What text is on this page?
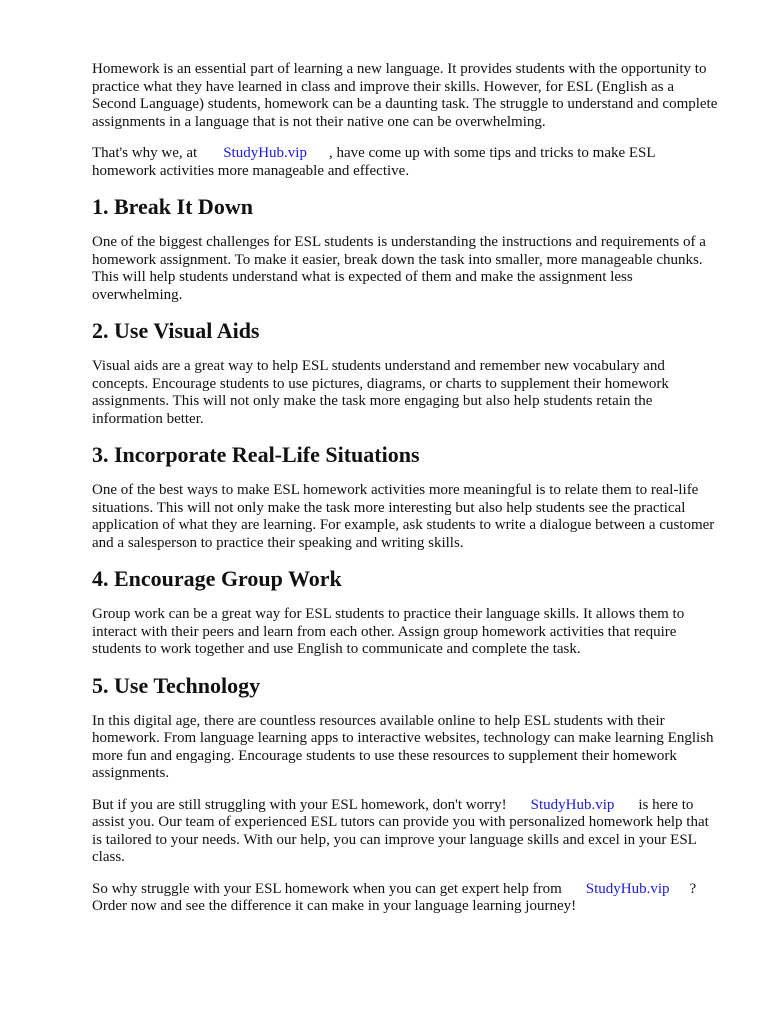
Homework is an essential part of learning a new language. It provides students with the opportunity to practice what they have learned in class and improve their skills. However, for ESL (English as a Second Language) students, homework can be a daunting task. The struggle to understand and complete assignments in a language that is not their native one can be overwhelming.

That's why we, at StudyHub.vip , have come up with some tips and tricks to make ESL homework activities more manageable and effective.

1. Break It Down

One of the biggest challenges for ESL students is understanding the instructions and requirements of a homework assignment. To make it easier, break down the task into smaller, more manageable chunks. This will help students understand what is expected of them and make the assignment less overwhelming.

2. Use Visual Aids

Visual aids are a great way to help ESL students understand and remember new vocabulary and concepts. Encourage students to use pictures, diagrams, or charts to supplement their homework assignments. This will not only make the task more engaging but also help students retain the information better.

3. Incorporate Real-Life Situations

One of the best ways to make ESL homework activities more meaningful is to relate them to real-life situations. This will not only make the task more interesting but also help students see the practical application of what they are learning. For example, ask students to write a dialogue between a customer and a salesperson to practice their speaking and writing skills.

4. Encourage Group Work

Group work can be a great way for ESL students to practice their language skills. It allows them to interact with their peers and learn from each other. Assign group homework activities that require students to work together and use English to communicate and complete the task.

5. Use Technology

In this digital age, there are countless resources available online to help ESL students with their homework. From language learning apps to interactive websites, technology can make learning English more fun and engaging. Encourage students to use these resources to supplement their homework assignments.

But if you are still struggling with your ESL homework, don't worry! StudyHub.vip is here to assist you. Our team of experienced ESL tutors can provide you with personalized homework help that is tailored to your needs. With our help, you can improve your language skills and excel in your ESL class.

So why struggle with your ESL homework when you can get expert help from StudyHub.vip ? Order now and see the difference it can make in your language learning journey!
